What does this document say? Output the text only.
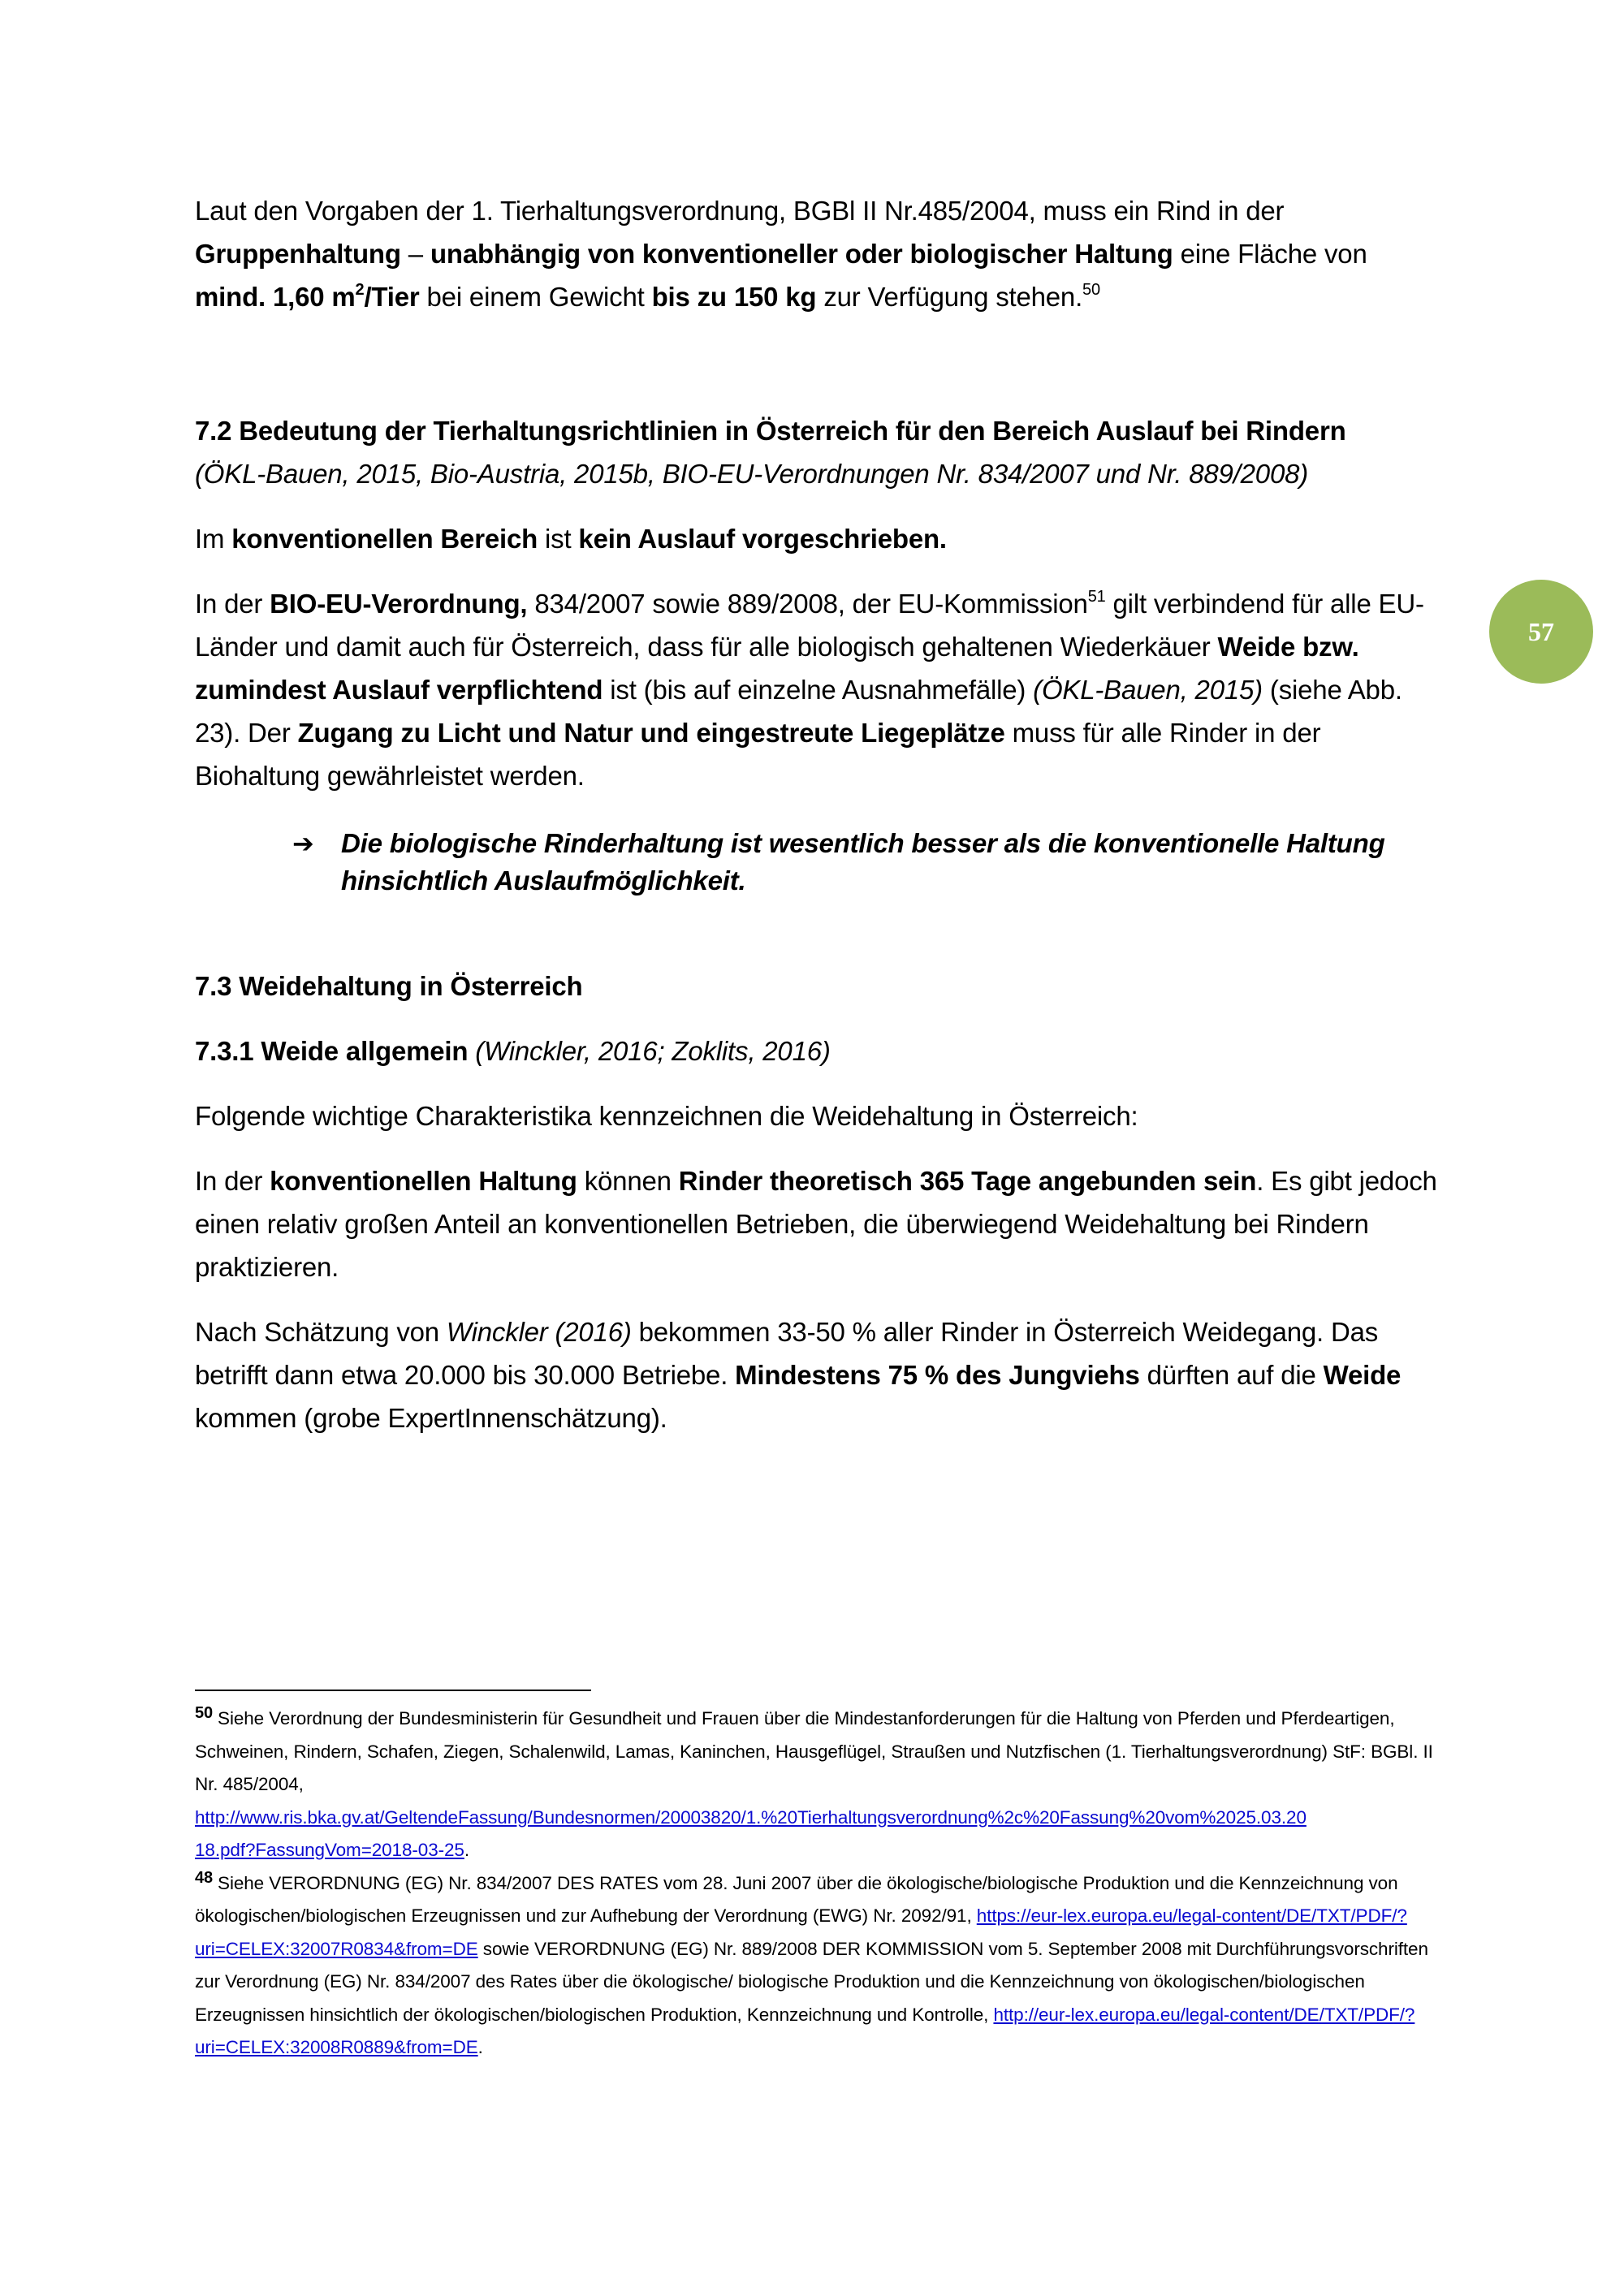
Laut den Vorgaben der 1. Tierhaltungsverordnung, BGBl II Nr.485/2004, muss ein Rind in der
Gruppenhaltung – unabhängig von konventioneller oder biologischer Haltung eine Fläche von
mind. 1,60 $m^2$/Tier bei einem Gewicht bis zu 150 kg zur Verfügung stehen.$^{50}$

7.2 Bedeutung der Tierhaltungsrichtlinien in Österreich für den Bereich Auslauf bei Rindern
(ÖKL-Bauen, 2015, Bio-Austria, 2015b, BIO-EU-Verordnungen Nr. 834/2007 und Nr. 889/2008)

Im konventionellen Bereich ist kein Auslauf vorgeschrieben.

In der BIO-EU-Verordnung, 834/2007 sowie 889/2008, der EU-Kommission$^{51}$ gilt verbindend für alle EU-Länder und damit auch für Österreich, dass für alle biologisch gehaltenen Wiederkäuer Weide bzw. zumindest Auslauf verpflichtend ist (bis auf einzelne Ausnahmefälle) (ÖKL-Bauen, 2015) (siehe Abb. 23). Der Zugang zu Licht und Natur und eingestreute Liegeplätze muss für alle Rinder in der Biohaltung gewährleistet werden.

➔ Die biologische Rinderhaltung ist wesentlich besser als die konventionelle Haltung hinsichtlich Auslaufmöglichkeit.

7.3 Weidehaltung in Österreich

7.3.1 Weide allgemein (Winckler, 2016; Zoklits, 2016)

Folgende wichtige Charakteristika kennzeichnen die Weidehaltung in Österreich:

In der konventionellen Haltung können Rinder theoretisch 365 Tage angebunden sein. Es gibt jedoch einen relativ großen Anteil an konventionellen Betrieben, die überwiegend Weidehaltung bei Rindern praktizieren.

Nach Schätzung von Winckler (2016) bekommen 33-50 % aller Rinder in Österreich Weidegang. Das betrifft dann etwa 20.000 bis 30.000 Betriebe. Mindestens 75 % des Jungviehs dürften auf die Weide kommen (grobe ExpertInnenschätzung).

57

50 Siehe Verordnung der Bundesministerin für Gesundheit und Frauen über die Mindestanforderungen für die Haltung von Pferden und Pferdeartigen, Schweinen, Rindern, Schafen, Ziegen, Schalenwild, Lamas, Kaninchen, Hausgeflügel, Straußen und Nutzfischen (1. Tierhaltungsverordnung) StF: BGBl. II Nr. 485/2004,
http://www.ris.bka.gv.at/GeltendeFassung/Bundesnormen/20003820/1.%20Tierhaltungsverordnung%2c%20Fassung%20vom%2025.03.20
18.pdf?FassungVom=2018-03-25.

48 Siehe VERORDNUNG (EG) Nr. 834/2007 DES RATES vom 28. Juni 2007 über die ökologische/biologische Produktion und die Kennzeichnung von ökologischen/biologischen Erzeugnissen und zur Aufhebung der Verordnung (EWG) Nr. 2092/91, https://eur-lex.europa.eu/legal-content/DE/TXT/PDF/?uri=CELEX:32007R0834&from=DE sowie VERORDNUNG (EG) Nr. 889/2008 DER KOMMISSION vom 5. September 2008 mit Durchführungsvorschriften zur Verordnung (EG) Nr. 834/2007 des Rates über die ökologische/ biologische Produktion und die Kennzeichnung von ökologischen/biologischen Erzeugnissen hinsichtlich der ökologischen/biologischen Produktion, Kennzeichnung und Kontrolle, http://eur-lex.europa.eu/legal-content/DE/TXT/PDF/?uri=CELEX:32008R0889&from=DE.
